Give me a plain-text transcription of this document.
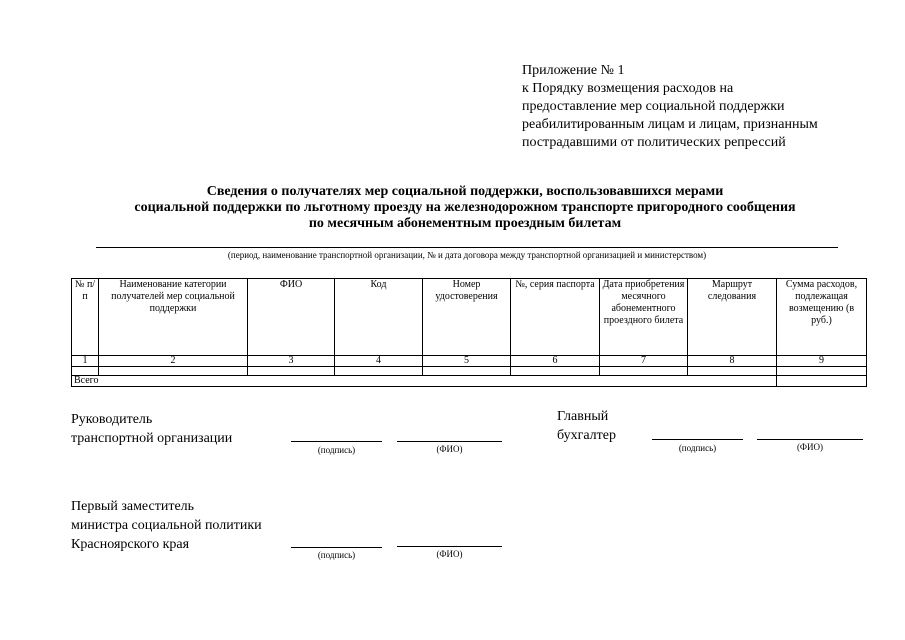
Приложение № 1
к Порядку возмещения расходов на
предоставление мер социальной поддержки
реабилитированным лицам и лицам, признанным
пострадавшими от политических репрессий
Сведения о получателях мер социальной поддержки, воспользовавшихся мерами
социальной поддержки по льготному проезду на железнодорожном транспорте пригородного сообщения
по месячным абонементным проездным билетам
(период, наименование транспортной организации, № и дата договора между транспортной организацией и министерством)
№ п/п	Наименование категории получателей мер социальной поддержки	ФИО	Код	Номер удостоверения	№, серия паспорта	Дата приобретения месячного абонементного проездного билета	Маршрут следования	Сумма расходов, подлежащая возмещению (в руб.)
1	2	3	4	5	6	7	8	9

Всего								
Руководитель
транспортной организации
(подпись)	(ФИО)
Главный
бухгалтер
(подпись)	(ФИО)
Первый заместитель
министра социальной политики
Красноярского края
(подпись)	(ФИО)
